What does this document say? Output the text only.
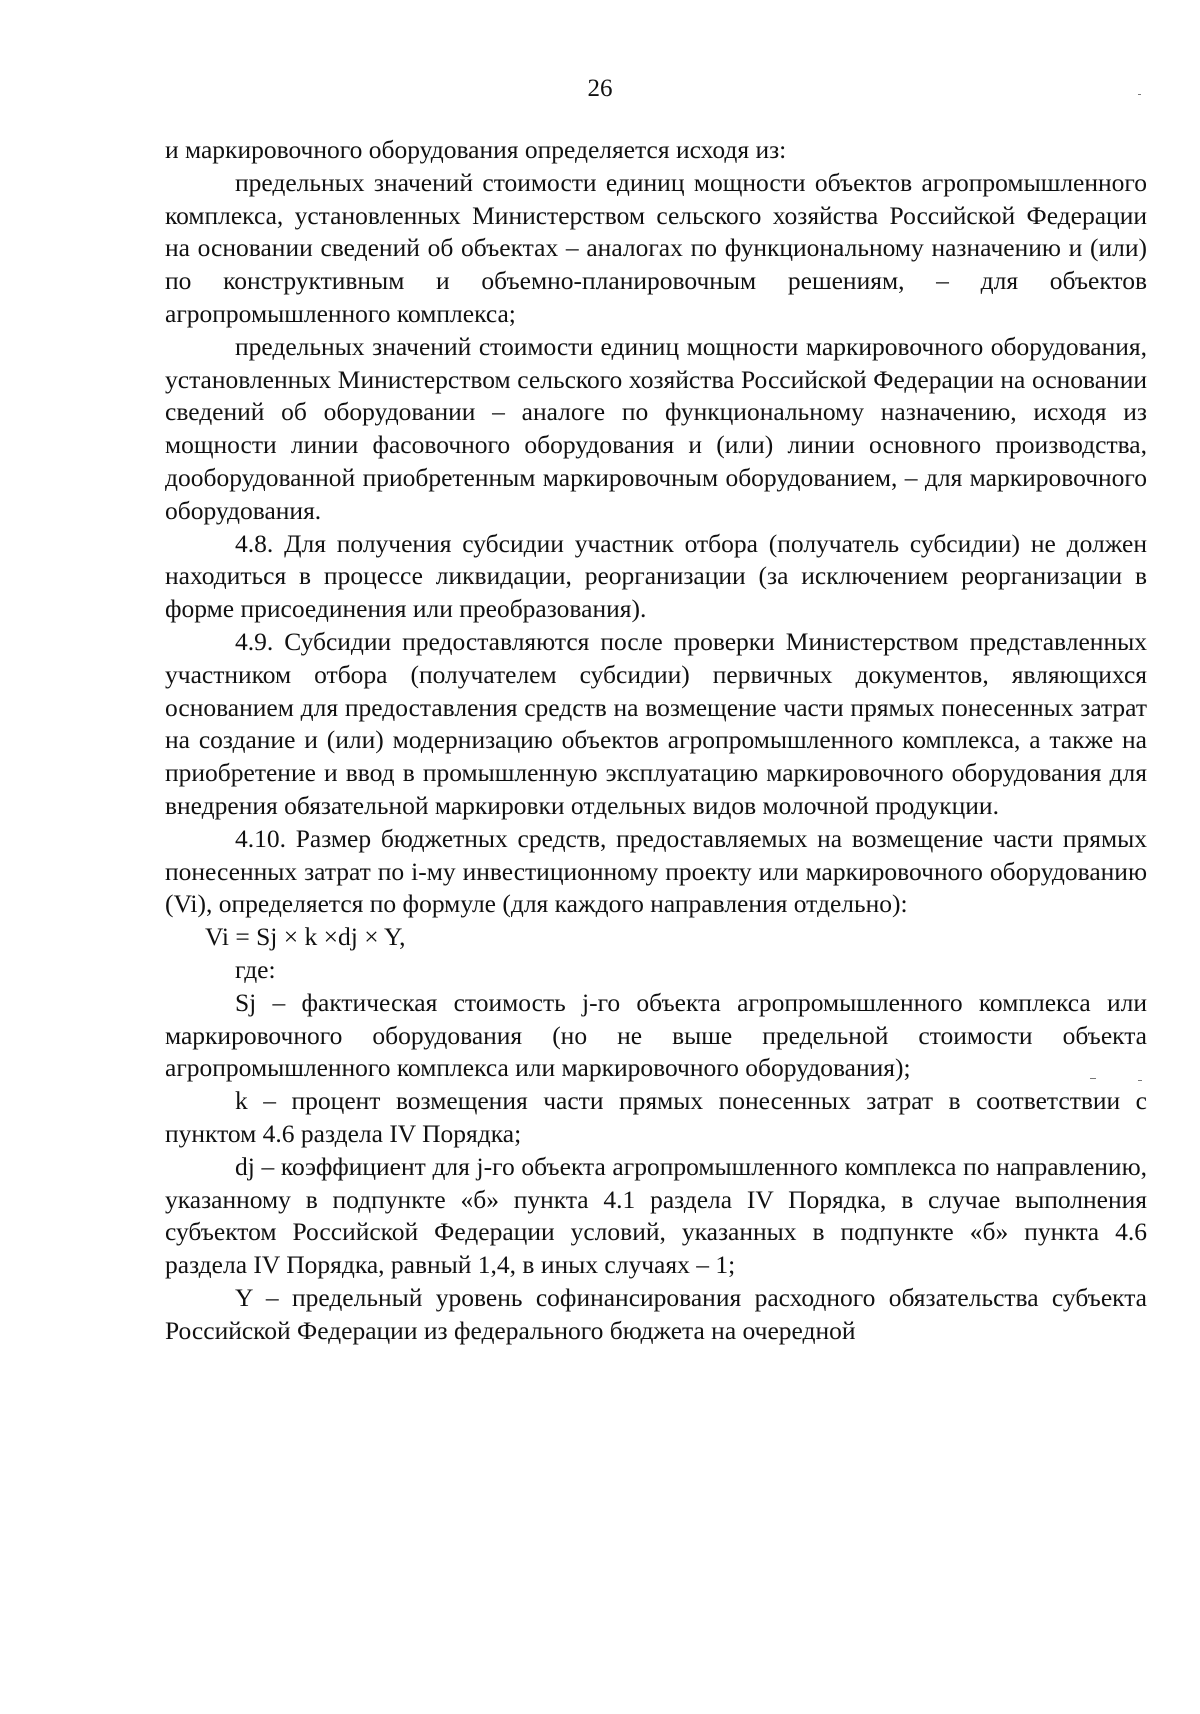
26

и маркировочного оборудования определяется исходя из:

предельных значений стоимости единиц мощности объектов агропромышленного комплекса, установленных Министерством сельского хозяйства Российской Федерации на основании сведений об объектах – аналогах по функциональному назначению и (или) по конструктивным и объемно-планировочным решениям, – для объектов агропромышленного комплекса;

предельных значений стоимости единиц мощности маркировочного оборудования, установленных Министерством сельского хозяйства Российской Федерации на основании сведений об оборудовании – аналоге по функциональному назначению, исходя из мощности линии фасовочного оборудования и (или) линии основного производства, дооборудованной приобретенным маркировочным оборудованием, – для маркировочного оборудования.

4.8. Для получения субсидии участник отбора (получатель субсидии) не должен находиться в процессе ликвидации, реорганизации (за исключением реорганизации в форме присоединения или преобразования).

4.9. Субсидии предоставляются после проверки Министерством представленных участником отбора (получателем субсидии) первичных документов, являющихся основанием для предоставления средств на возмещение части прямых понесенных затрат на создание и (или) модернизацию объектов агропромышленного комплекса, а также на приобретение и ввод в промышленную эксплуатацию маркировочного оборудования для внедрения обязательной маркировки отдельных видов молочной продукции.

4.10. Размер бюджетных средств, предоставляемых на возмещение части прямых понесенных затрат по i-му инвестиционному проекту или маркировочного оборудованию (Vi), определяется по формуле (для каждого направления отдельно):

Vi = Sj × k ×dj × Y,

где:

Sj – фактическая стоимость j-го объекта агропромышленного комплекса или маркировочного оборудования (но не выше предельной стоимости объекта агропромышленного комплекса или маркировочного оборудования);

k – процент возмещения части прямых понесенных затрат в соответствии с пунктом 4.6 раздела IV Порядка;

dj – коэффициент для j-го объекта агропромышленного комплекса по направлению, указанному в подпункте «б» пункта 4.1 раздела IV Порядка, в случае выполнения субъектом Российской Федерации условий, указанных в подпункте «б» пункта 4.6 раздела IV Порядка, равный 1,4, в иных случаях – 1;

Y – предельный уровень софинансирования расходного обязательства субъекта Российской Федерации из федерального бюджета на очередной
